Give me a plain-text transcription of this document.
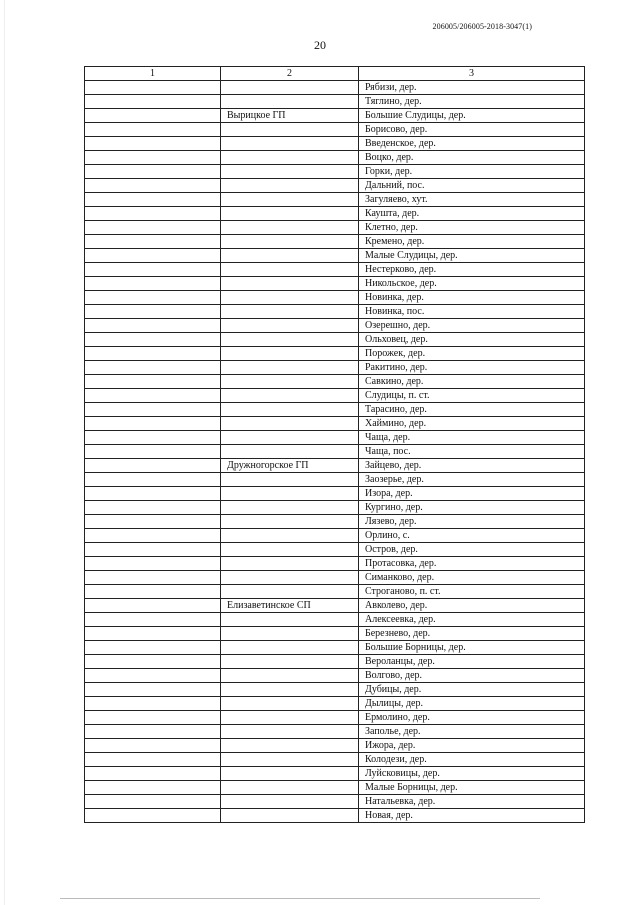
206005/206005-2018-3047(1)
20
1	2	3
		Рябизи, дер.
		Тяглино, дер.
	Вырицкое ГП	Большие Слудицы, дер.
		Борисово, дер.
		Введенское, дер.
		Воцко, дер.
		Горки, дер.
		Дальний, пос.
		Загуляево, хут.
		Каушта, дер.
		Клетно, дер.
		Кремено, дер.
		Малые Слудицы, дер.
		Нестерково, дер.
		Никольское, дер.
		Новинка, дер.
		Новинка, пос.
		Озерешно, дер.
		Ольховец, дер.
		Порожек, дер.
		Ракитино, дер.
		Савкино, дер.
		Слудицы, п. ст.
		Тарасино, дер.
		Хаймино, дер.
		Чаща, дер.
		Чаща, пос.
	Дружногорское ГП	Зайцево, дер.
		Заозерье, дер.
		Изора, дер.
		Кургино, дер.
		Лязево, дер.
		Орлино, с.
		Остров, дер.
		Протасовка, дер.
		Симанково, дер.
		Строганово, п. ст.
	Елизаветинское СП	Авколево, дер.
		Алексеевка, дер.
		Березнево, дер.
		Большие Борницы, дер.
		Вероланцы, дер.
		Волгово, дер.
		Дубицы, дер.
		Дылицы, дер.
		Ермолино, дер.
		Заполье, дер.
		Ижора, дер.
		Колодези, дер.
		Луйсковицы, дер.
		Малые Борницы, дер.
		Натальевка, дер.
		Новая, дер.
